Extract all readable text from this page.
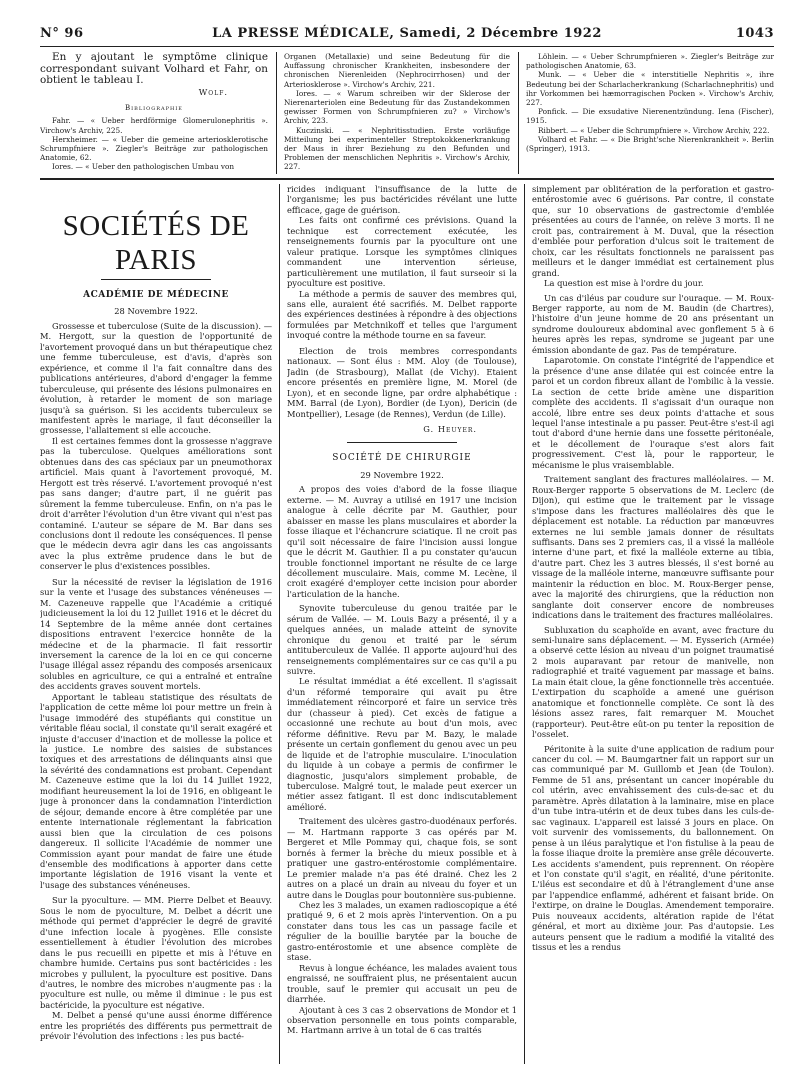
N° 96	LA PRESSE MÉDICALE, Samedi, 2 Décembre 1922	1043

En y ajoutant le symptôme clinique correspondant suivant Volhard et Fahr, on obtient le tableau I.

Wolf.

Bibliographie

Fahr. — « Ueber herdförmige Glomerulonephritis ». Virchow's Archiv, 225.

Herxheimer. — « Ueber die gemeine arteriosklerotische Schrumpfniere ». Ziegler's Beiträge zur pathologischen Anatomie, 62.

Iores. — « Ueber den pathologischen Umbau von

Organen (Metallaxie) und seine Bedeutung für die Auffassung chronischer Krankheiten, insbesondere der chronischen Nierenleiden (Nephrocirrhosen) und der Arteriosklerose ». Virchow's Archiv, 221.

Iores. — « Warum schreiben wir der Sklerose der Nierenarteriolen eine Bedeutung für das Zustandekommen gewisser Formen von Schrumpfnieren zu? » Virchow's Archiv, 223.

Kuczinski. — « Nephritisstudien. Erste vorläufige Mitteilung bei experimenteller Streptokokkenerkrankung der Maus in ihrer Beziehung zu den Befunden und Problemen der menschlichen Nephritis ». Virchow's Archiv, 227.

Löhlein. — « Ueber Schrumpfnieren ». Ziegler's Beiträge zur pathologischen Anatomie, 63.

Munk. — « Ueber die « interstitielle Nephritis », ihre Bedeutung bei der Scharlacherkrankung (Scharlachnephritis) und ihr Vorkommen bei hæmorragischen Pocken ». Virchow's Archiv, 227.

Ponfick. — Die exsudative Nierenentzündung. Iena (Fischer), 1915.

Ribbert. — « Ueber die Schrumpfniere ». Virchow Archiv, 222.

Volhard et Fahr. — « Die Bright'sche Nierenkrankheit ». Berlin (Springer), 1913.

SOCIÉTÉS DE PARIS
ACADÉMIE DE MÉDECINE
28 Novembre 1922.

Grossesse et tuberculose (Suite de la discussion). — M. Hergott, sur la question de l'opportunité de l'avortement provoqué dans un but thérapeutique chez une femme tuberculeuse, est d'avis, d'après son expérience, et comme il l'a fait connaître dans des publications antérieures, d'abord d'engager la femme tuberculeuse, qui présente des lésions pulmonaires en évolution, à retarder le moment de son mariage jusqu'à sa guérison. Si les accidents tuberculeux se manifestent après le mariage, il faut déconseiller la grossesse, l'allaitement si elle accouche.

Il est certaines femmes dont la grossesse n'aggrave pas la tuberculose. Quelques améliorations sont obtenues dans des cas spéciaux par un pneumothorax artificiel. Mais quant à l'avortement provoqué, M. Hergott est très réservé. L'avortement provoqué n'est pas sans danger; d'autre part, il ne guérit pas sûrement la femme tuberculeuse. Enfin, on n'a pas le droit d'arrêter l'évolution d'un être vivant qui n'est pas contaminé. L'auteur se sépare de M. Bar dans ses conclusions dont il redoute les conséquences. Il pense que le médecin devra agir dans les cas angoissants avec la plus extrême prudence dans le but de conserver le plus d'existences possibles.

Sur la nécessité de reviser la législation de 1916 sur la vente et l'usage des substances vénéneuses — M. Cazeneuve rappelle que l'Académie a critiqué judicieusement la loi du 12 Juillet 1916 et le décret du 14 Septembre de la même année dont certaines dispositions entravent l'exercice honnête de la médecine et de la pharmacie. Il fait ressortir inversement la carence de la loi en ce qui concerne l'usage illégal assez répandu des composés arsenicaux solubles en agriculture, ce qui a entraîné et entraîne des accidents graves souvent mortels.

Apportant le tableau statistique des résultats de l'application de cette même loi pour mettre un frein à l'usage immodéré des stupéfiants qui constitue un véritable fléau social, il constate qu'il serait exagéré et injuste d'accuser d'inaction et de mollesse la police et la justice. Le nombre des saisies de substances toxiques et des arrestations de délinquants ainsi que la sévérité des condamnations est probant. Cependant M. Cazeneuve estime que la loi du 14 Juillet 1922, modifiant heureusement la loi de 1916, en obligeant le juge à prononcer dans la condamnation l'interdiction de séjour, demande encore à être complétée par une entente internationale réglementant la fabrication aussi bien que la circulation de ces poisons dangereux. Il sollicite l'Académie de nommer une Commission ayant pour mandat de faire une étude d'ensemble des modifications à apporter dans cette importante législation de 1916 visant la vente et l'usage des substances vénéneuses.

Sur la pyoculture. — MM. Pierre Delbet et Beauvy. Sous le nom de pyoculture, M. Delbet a décrit une méthode qui permet d'apprécier le degré de gravité d'une infection locale à pyogènes. Elle consiste essentiellement à étudier l'évolution des microbes dans le pus recueilli en pipette et mis à l'étuve en chambre humide. Certains pus sont bactéricides : les microbes y pullulent, la pyoculture est positive. Dans d'autres, le nombre des microbes n'augmente pas : la pyoculture est nulle, ou même il diminue : le pus est bactéricide, la pyoculture est négative.

M. Delbet a pensé qu'une aussi énorme différence entre les propriétés des différents pus permettrait de prévoir l'évolution des infections : les pus bacté-

ricides indiquant l'insuffisance de la lutte de l'organisme; les pus bactéricides révélant une lutte efficace, gage de guérison.

Les faits ont confirmé ces prévisions. Quand la technique est correctement exécutée, les renseignements fournis par la pyoculture ont une valeur pratique. Lorsque les symptômes cliniques commandent une intervention sérieuse, particulièrement une mutilation, il faut surseoir si la pyoculture est positive.

La méthode a permis de sauver des membres qui, sans elle, auraient été sacrifiés. M. Delbet rapporte des expériences destinées à répondre à des objections formulées par Metchnikoff et telles que l'argument invoqué contre la méthode tourne en sa faveur.

Election de trois membres correspondants nationaux. — Sont élus : MM. Aloy (de Toulouse), Jadin (de Strasbourg), Mallat (de Vichy). Etaient encore présentés en première ligne, M. Morel (de Lyon), et en seconde ligne, par ordre alphabétique : MM. Barral (de Lyon), Bordier (de Lyon), Dericin (de Montpellier), Lesage (de Rennes), Verdun (de Lille).

G. Heuyer.

SOCIÉTÉ DE CHIRURGIE
29 Novembre 1922.

A propos des voies d'abord de la fosse iliaque externe. — M. Auvray a utilisé en 1917 une incision analogue à celle décrite par M. Gauthier, pour abaisser en masse les plans musculaires et aborder la fosse iliaque et l'échancrure sciatique. Il ne croit pas qu'il soit nécessaire de faire l'incision aussi longue que le décrit M. Gauthier. Il a pu constater qu'aucun trouble fonctionnel important ne résulte de ce large décollement musculaire. Mais, comme M. Lecène, il croit exagéré d'employer cette incision pour aborder l'articulation de la hanche.

Synovite tuberculeuse du genou traitée par le sérum de Vallée. — M. Louis Bazy a présenté, il y a quelques années, un malade atteint de synovite chronique du genou et traité par le sérum antituberculeux de Vallée. Il apporte aujourd'hui des renseignements complémentaires sur ce cas qu'il a pu suivre.

Le résultat immédiat a été excellent. Il s'agissait d'un réformé temporaire qui avait pu être immédiatement réincorporé et faire un service très dur (chasseur à pied). Cet excès de fatigue a occasionné une rechute au bout d'un mois, avec réforme définitive. Revu par M. Bazy, le malade présente un certain gonflement du genou avec un peu de liquide et de l'atrophie musculaire. L'inoculation du liquide à un cobaye a permis de confirmer le diagnostic, jusqu'alors simplement probable, de tuberculose. Malgré tout, le malade peut exercer un métier assez fatigant. Il est donc indiscutablement amélioré.

Traitement des ulcères gastro-duodénaux perforés. — M. Hartmann rapporte 3 cas opérés par M. Bergeret et Mlle Pommay qui, chaque fois, se sont bornés à fermer la brèche du mieux possible et à pratiquer une gastro-entérostomie complémentaire. Le premier malade n'a pas été drainé. Chez les 2 autres on a placé un drain au niveau du foyer et un autre dans le Douglas pour boutonnière sus-pubienne.

Chez les 3 malades, un examen radioscopique a été pratiqué 9, 6 et 2 mois après l'intervention. On a pu constater dans tous les cas un passage facile et régulier de la bouillie barytée par la bouche de gastro-entérostomie et une absence complète de stase.

Revus à longue échéance, les malades avaient tous engraissé, ne souffraient plus, ne présentaient aucun trouble, sauf le premier qui accusait un peu de diarrhée.

Ajoutant à ces 3 cas 2 observations de Mondor et 1 observation personnelle en tous points comparable, M. Hartmann arrive à un total de 6 cas traités

simplement par oblitération de la perforation et gastro-entérostomie avec 6 guérisons. Par contre, il constate que, sur 10 observations de gastrectomie d'emblée présentées au cours de l'année, on relève 3 morts. Il ne croit pas, contrairement à M. Duval, que la résection d'emblée pour perforation d'ulcus soit le traitement de choix, car les résultats fonctionnels ne paraissent pas meilleurs et le danger immédiat est certainement plus grand.

La question est mise à l'ordre du jour.

Un cas d'iléus par coudure sur l'ouraque. — M. Roux-Berger rapporte, au nom de M. Baudin (de Chartres), l'histoire d'un jeune homme de 20 ans présentant un syndrome douloureux abdominal avec gonflement 5 à 6 heures après les repas, syndrome se jugeant par une émission abondante de gaz. Pas de température.

Laparotomie. On constate l'intégrité de l'appendice et la présence d'une anse dilatée qui est coincée entre la paroi et un cordon fibreux allant de l'ombilic à la vessie. La section de cette bride amène une disparition complète des accidents. Il s'agissait d'un ouraque non accolé, libre entre ses deux points d'attache et sous lequel l'anse intestinale a pu passer. Peut-être s'est-il agi tout d'abord d'une hernie dans une fossette péritonéale, et le décollement de l'ouraque s'est alors fait progressivement. C'est là, pour le rapporteur, le mécanisme le plus vraisemblable.

Traitement sanglant des fractures malléolaires. — M. Roux-Berger rapporte 5 observations de M. Leclerc (de Dijon), qui estime que le traitement par le vissage s'impose dans les fractures malléolaires dès que le déplacement est notable. La réduction par manœuvres externes ne lui semble jamais donner de résultats suffisants. Dans ses 2 premiers cas, il a vissé la malléole interne d'une part, et fixé la malléole externe au tibia, d'autre part. Chez les 3 autres blessés, il s'est borné au vissage de la malléole interne, manœuvre suffisante pour maintenir la réduction en bloc. M. Roux-Berger pense, avec la majorité des chirurgiens, que la réduction non sanglante doit conserver encore de nombreuses indications dans le traitement des fractures malléolaires.

Subluxation du scaphoïde en avant, avec fracture du semi-lunaire sans déplacement. — M. Eysserich (Armée) a observé cette lésion au niveau d'un poignet traumatisé 2 mois auparavant par retour de manivelle, non radiographié et traité vaguement par massage et bains. La main était cloue, la gêne fonctionnelle très accentuée. L'extirpation du scaphoïde a amené une guérison anatomique et fonctionnelle complète. Ce sont là des lésions assez rares, fait remarquer M. Mouchet (rapporteur). Peut-être eût-on pu tenter la reposition de l'osselet.

Péritonite à la suite d'une application de radium pour cancer du col. — M. Baumgartner fait un rapport sur un cas communiqué par M. Guillomb et Jean (de Toulon). Femme de 51 ans, présentant un cancer inopérable du col utérin, avec envahissement des culs-de-sac et du paramètre. Après dilatation à la laminaire, mise en place d'un tube intra-utérin et de deux tubes dans les culs-de-sac vaginaux. L'appareil est laissé 3 jours en place. On voit survenir des vomissements, du ballonnement. On pense à un iléus paralytique et l'on fistulise à la peau de la fosse iliaque droite la première anse grêle découverte. Les accidents s'amendent, puis reprennent. On réopère et l'on constate qu'il s'agit, en réalité, d'une péritonite. L'iléus est secondaire et dû à l'étranglement d'une anse par l'appendice enflammé, adhérent et faisant bride. On l'extirpe, on draine le Douglas. Amendement temporaire. Puis nouveaux accidents, altération rapide de l'état général, et mort au dixième jour. Pas d'autopsie. Les auteurs pensent que le radium a modifié la vitalité des tissus et les a rendus
